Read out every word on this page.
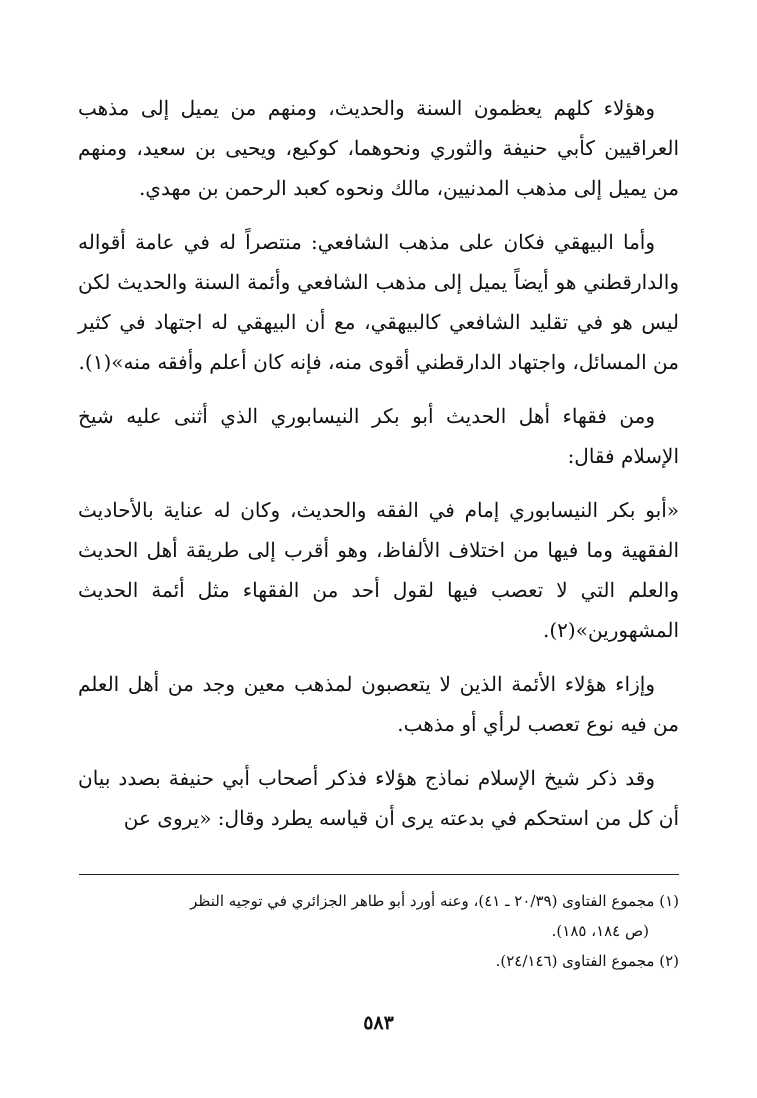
وهؤلاء كلهم يعظمون السنة والحديث، ومنهم من يميل إلى مذهب العراقيين كأبي حنيفة والثوري ونحوهما، كوكيع، ويحيى بن سعيد، ومنهم من يميل إلى مذهب المدنيين، مالك ونحوه كعبد الرحمن بن مهدي.

وأما البيهقي فكان على مذهب الشافعي: منتصراً له في عامة أقواله والدارقطني هو أيضاً يميل إلى مذهب الشافعي وأئمة السنة والحديث لكن ليس هو في تقليد الشافعي كالبيهقي، مع أن البيهقي له اجتهاد في كثير من المسائل، واجتهاد الدارقطني أقوى منه، فإنه كان أعلم وأفقه منه»(١).

ومن فقهاء أهل الحديث أبو بكر النيسابوري الذي أثنى عليه شيخ الإسلام فقال:

«أبو بكر النيسابوري إمام في الفقه والحديث، وكان له عناية بالأحاديث الفقهية وما فيها من اختلاف الألفاظ، وهو أقرب إلى طريقة أهل الحديث والعلم التي لا تعصب فيها لقول أحد من الفقهاء مثل أئمة الحديث المشهورين»(٢).

وإزاء هؤلاء الأئمة الذين لا يتعصبون لمذهب معين وجد من أهل العلم من فيه نوع تعصب لرأي أو مذهب.

وقد ذكر شيخ الإسلام نماذج هؤلاء فذكر أصحاب أبي حنيفة بصدد بيان أن كل من استحكم في بدعته يرى أن قياسه يطرد وقال: «يروى عن

(١) مجموع الفتاوى (٢٠/٣٩ ـ ٤١)، وعنه أورد أبو طاهر الجزائري في توجيه النظر

(ص ١٨٤، ١٨٥).

(٢) مجموع الفتاوى (٢٤/١٤٦).

٥٨٣
